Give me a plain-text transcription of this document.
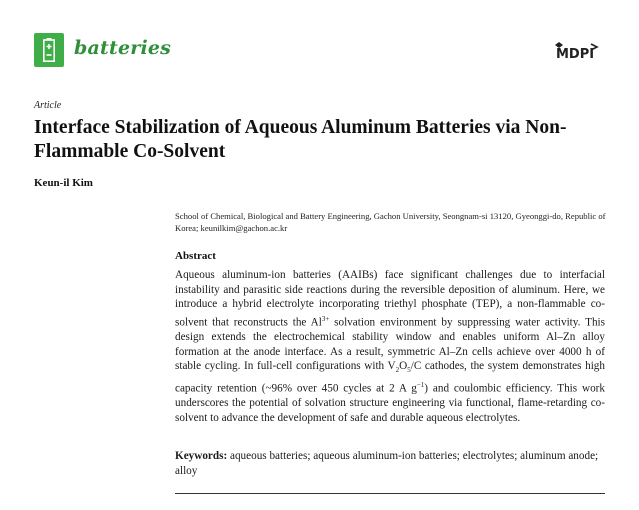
batteries	MDPI
Article
Interface Stabilization of Aqueous Aluminum Batteries via Non-Flammable Co-Solvent
Keun-il Kim
School of Chemical, Biological and Battery Engineering, Gachon University, Seongnam-si 13120, Gyeonggi-do, Republic of Korea; keunilkim@gachon.ac.kr
Abstract
Aqueous aluminum-ion batteries (AAIBs) face significant challenges due to interfacial instability and parasitic side reactions during the reversible deposition of aluminum. Here, we introduce a hybrid electrolyte incorporating triethyl phosphate (TEP), a non-flammable co-solvent that reconstructs the $Al^{3+}$ solvation environment by suppressing water activity. This design extends the electrochemical stability window and enables uniform Al–Zn alloy formation at the anode interface. As a result, symmetric Al–Zn cells achieve over 4000 h of stable cycling. In full-cell configurations with $V_2O_5/C$ cathodes, the system demonstrates high capacity retention (~96% over 450 cycles at 2 A $g^{-1}$) and coulombic efficiency. This work underscores the potential of solvation structure engineering via functional, flame-retarding co-solvent to advance the development of safe and durable aqueous electrolytes.
Keywords: aqueous batteries; aqueous aluminum-ion batteries; electrolytes; aluminum anode; alloy
